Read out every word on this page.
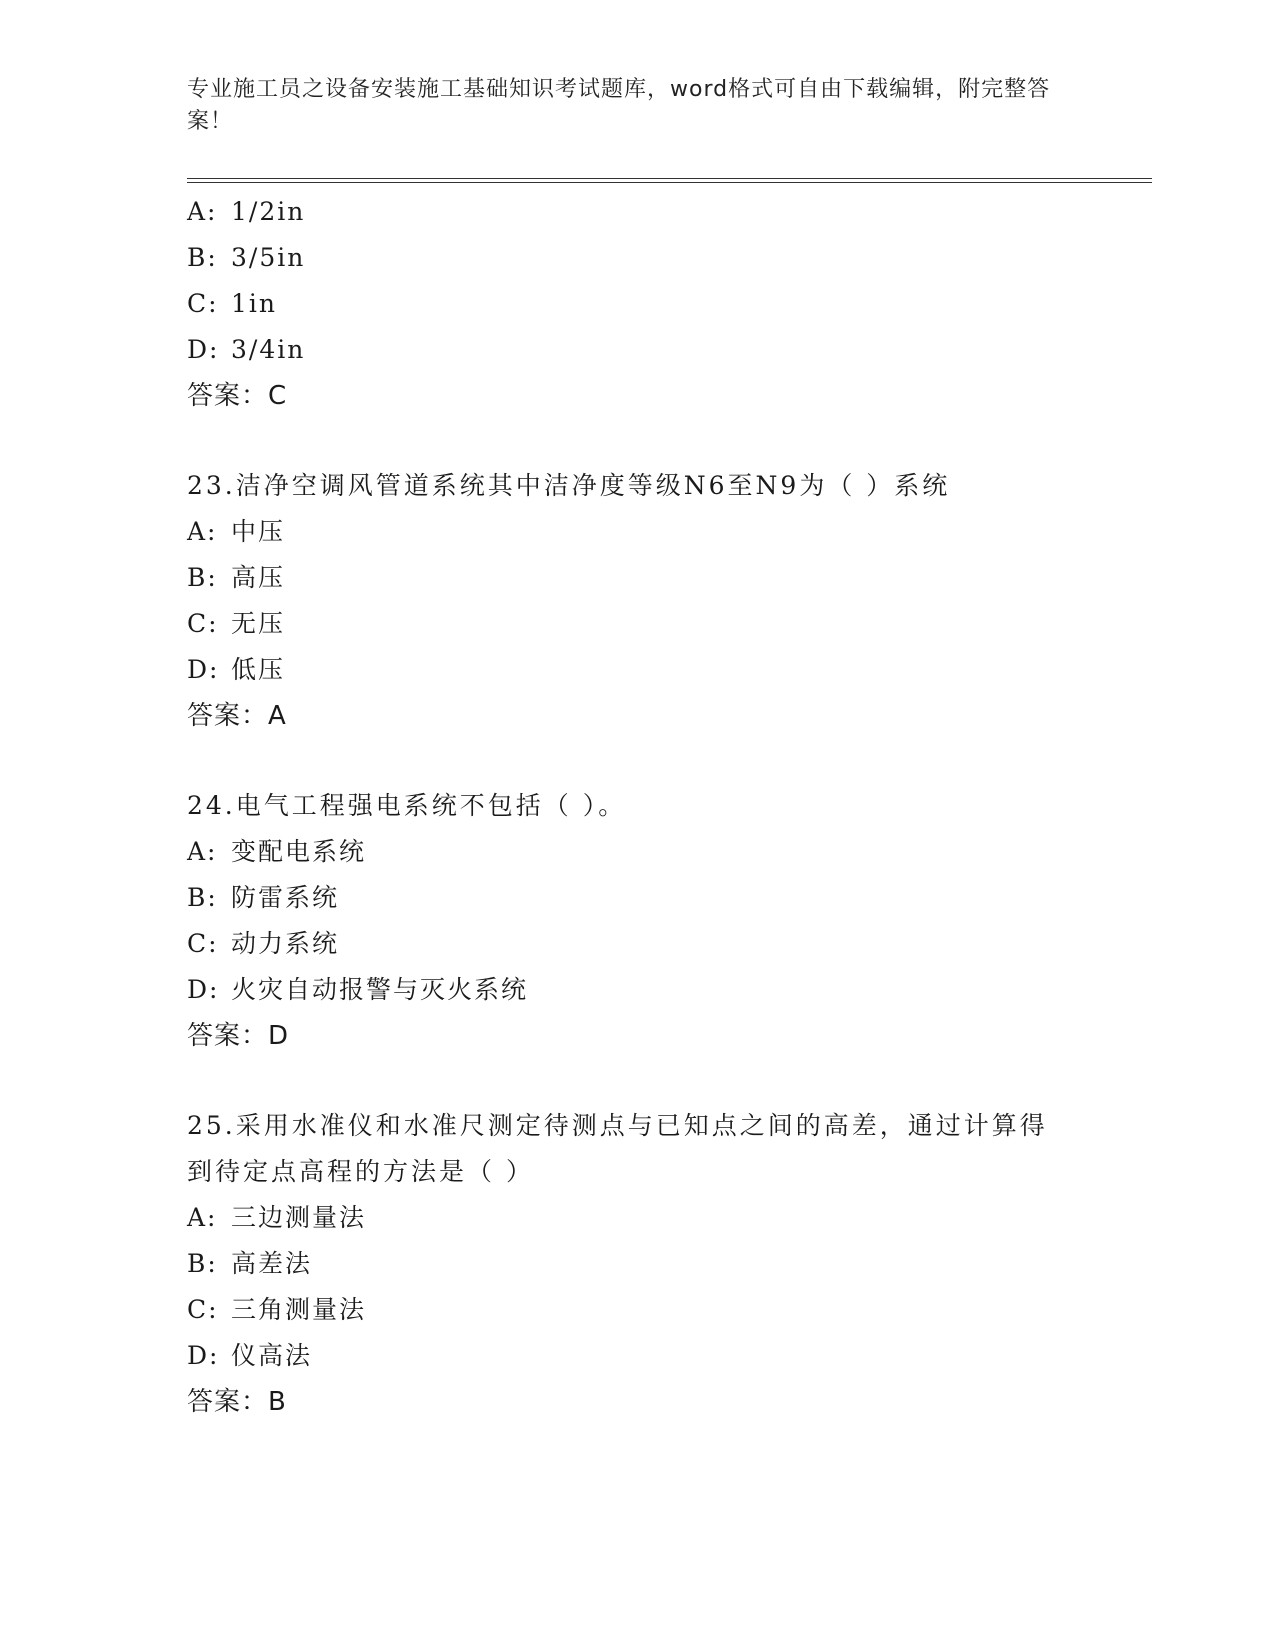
专业施工员之设备安装施工基础知识考试题库，word格式可自由下载编辑，附完整答案！
A: 1/2in
B: 3/5in
C: 1in
D: 3/4in
答案：C
23.洁净空调风管道系统其中洁净度等级N6至N9为（ ）系统
A: 中压
B: 高压
C: 无压
D: 低压
答案：A
24.电气工程强电系统不包括（ ）。
A: 变配电系统
B: 防雷系统
C: 动力系统
D: 火灾自动报警与灭火系统
答案：D
25.采用水准仪和水准尺测定待测点与已知点之间的高差，通过计算得到待定点高程的方法是（ ）
A: 三边测量法
B: 高差法
C: 三角测量法
D: 仪高法
答案：B
